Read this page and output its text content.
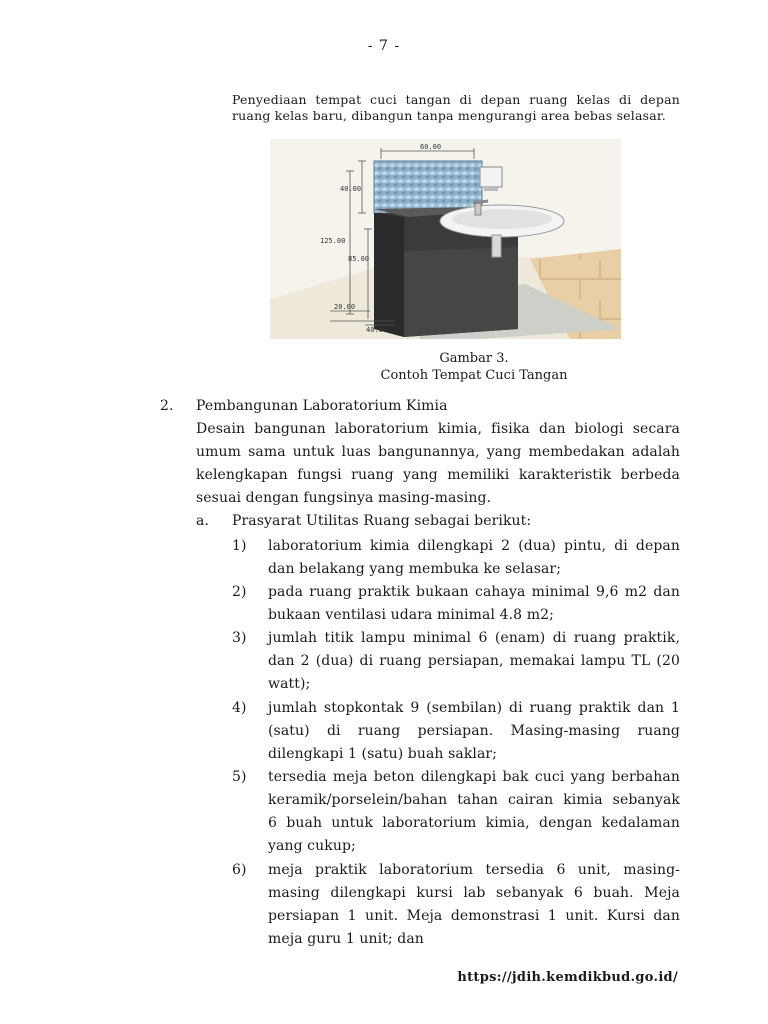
- 7 -
Penyediaan tempat cuci tangan di depan ruang kelas di depan
ruang kelas baru, dibangun tanpa mengurangi area bebas selasar.
60.00
40.00
125.00
85.00
20.00
40.00
Gambar 3.
Contoh Tempat Cuci Tangan
2. Pembangunan Laboratorium Kimia
Desain bangunan laboratorium kimia, fisika dan biologi secara
umum sama untuk luas bangunannya, yang membedakan adalah
kelengkapan fungsi ruang yang memiliki karakteristik berbeda
sesuai dengan fungsinya masing-masing.
a. Prasyarat Utilitas Ruang sebagai berikut:
1) laboratorium kimia dilengkapi 2 (dua) pintu, di depan
dan belakang yang membuka ke selasar;
2) pada ruang praktik bukaan cahaya minimal 9,6 m2 dan
bukaan ventilasi udara minimal 4.8 m2;
3) jumlah titik lampu minimal 6 (enam) di ruang praktik,
dan 2 (dua) di ruang persiapan, memakai lampu TL (20
watt);
4) jumlah stopkontak 9 (sembilan) di ruang praktik dan 1
(satu) di ruang persiapan. Masing-masing ruang
dilengkapi 1 (satu) buah saklar;
5) tersedia meja beton dilengkapi bak cuci yang berbahan
keramik/porselein/bahan tahan cairan kimia sebanyak
6 buah untuk laboratorium kimia, dengan kedalaman
yang cukup;
6) meja praktik laboratorium tersedia 6 unit, masing-
masing dilengkapi kursi lab sebanyak 6 buah. Meja
persiapan 1 unit. Meja demonstrasi 1 unit. Kursi dan
meja guru 1 unit; dan
https://jdih.kemdikbud.go.id/
